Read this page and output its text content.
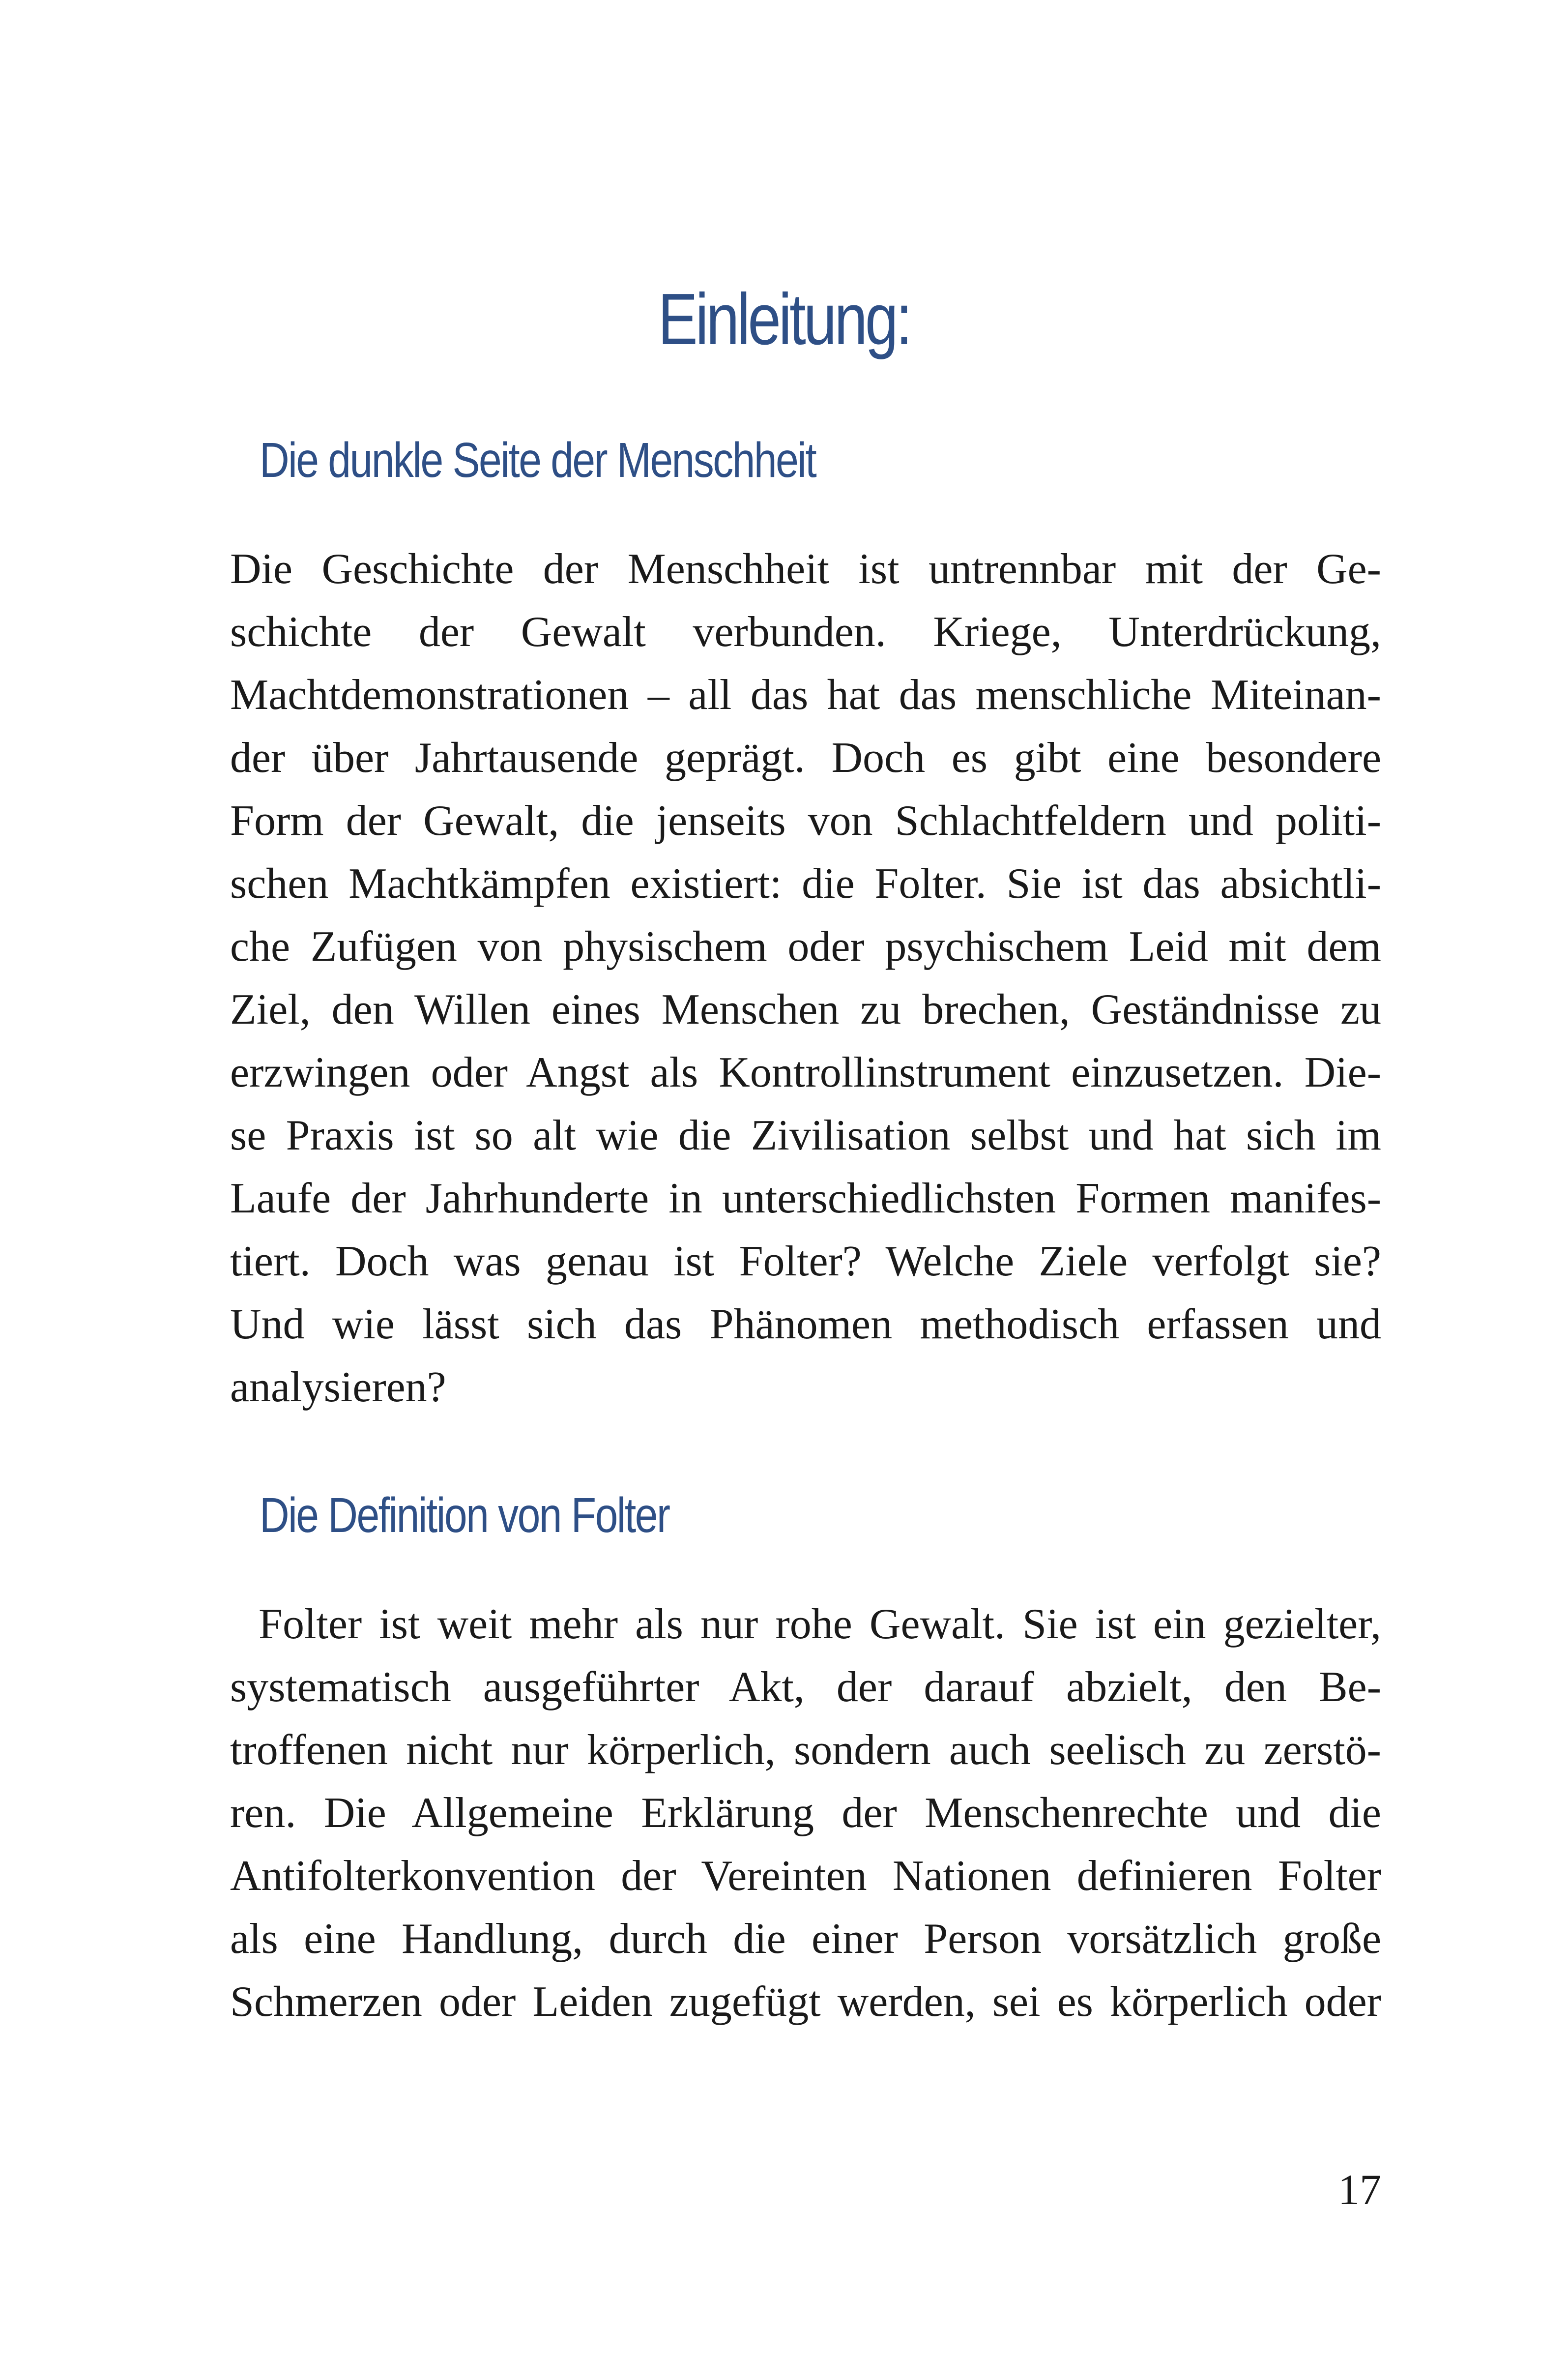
Einleitung:
Die dunkle Seite der Menschheit
Die Geschichte der Menschheit ist untrennbar mit der Ge-
schichte der Gewalt verbunden. Kriege, Unterdrückung,
Machtdemonstrationen – all das hat das menschliche Miteinan-
der über Jahrtausende geprägt. Doch es gibt eine besondere
Form der Gewalt, die jenseits von Schlachtfeldern und politi-
schen Machtkämpfen existiert: die Folter. Sie ist das absichtli-
che Zufügen von physischem oder psychischem Leid mit dem
Ziel, den Willen eines Menschen zu brechen, Geständnisse zu
erzwingen oder Angst als Kontrollinstrument einzusetzen. Die-
se Praxis ist so alt wie die Zivilisation selbst und hat sich im
Laufe der Jahrhunderte in unterschiedlichsten Formen manifes-
tiert. Doch was genau ist Folter? Welche Ziele verfolgt sie?
Und wie lässt sich das Phänomen methodisch erfassen und
analysieren?
Die Definition von Folter
Folter ist weit mehr als nur rohe Gewalt. Sie ist ein gezielter,
systematisch ausgeführter Akt, der darauf abzielt, den Be-
troffenen nicht nur körperlich, sondern auch seelisch zu zerstö-
ren. Die Allgemeine Erklärung der Menschenrechte und die
Antifolterkonvention der Vereinten Nationen definieren Folter
als eine Handlung, durch die einer Person vorsätzlich große
Schmerzen oder Leiden zugefügt werden, sei es körperlich oder
17
